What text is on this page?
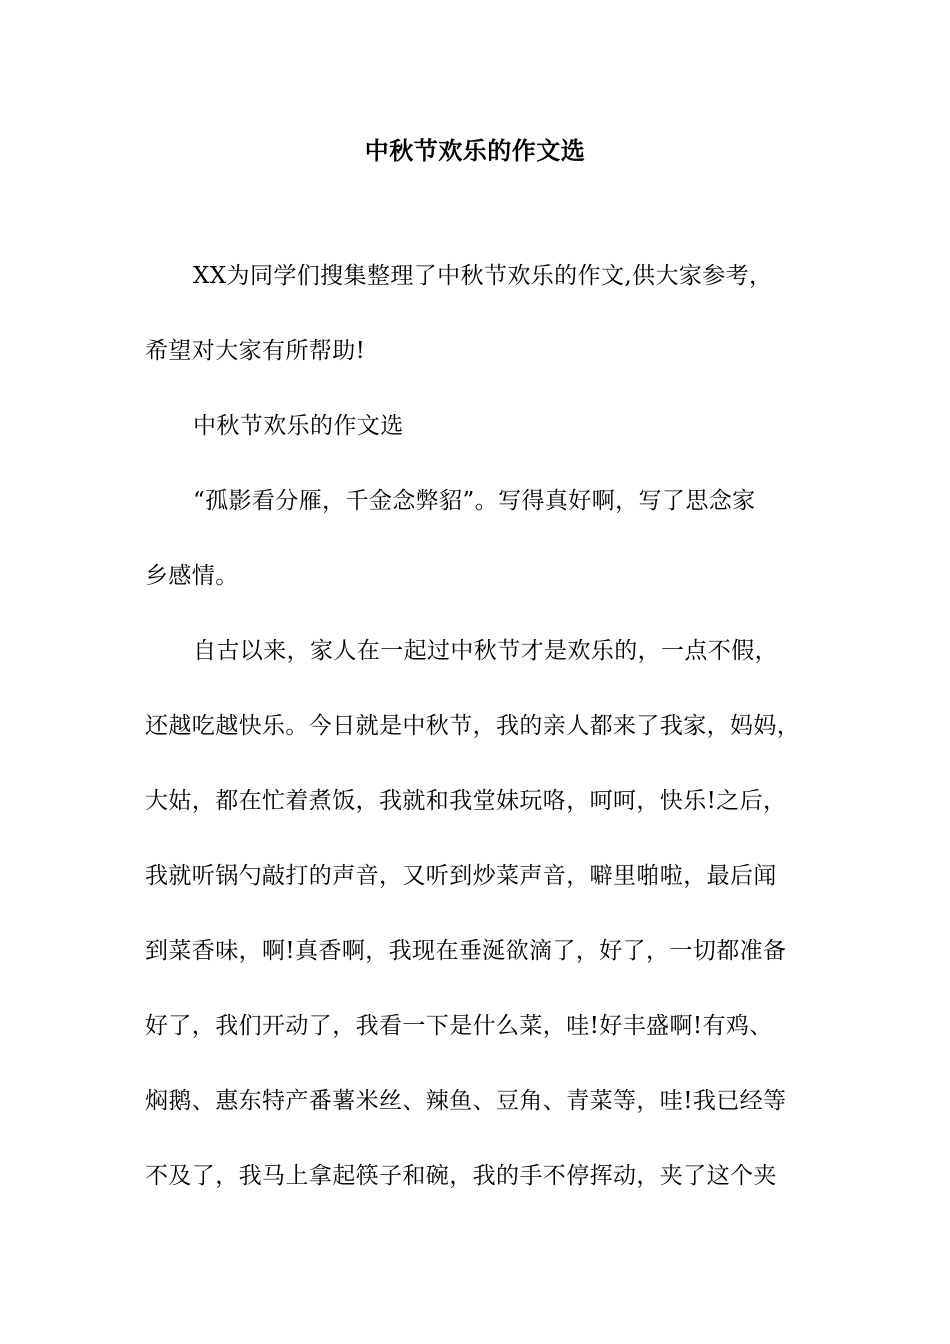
中秋节欢乐的作文选
XX为同学们搜集整理了中秋节欢乐的作文,供大家参考，
希望对大家有所帮助!
中秋节欢乐的作文选
“孤影看分雁，千金念弊貂”。写得真好啊，写了思念家
乡感情。
自古以来，家人在一起过中秋节才是欢乐的，一点不假，
还越吃越快乐。今日就是中秋节，我的亲人都来了我家，妈妈，
大姑，都在忙着煮饭，我就和我堂妹玩咯，呵呵，快乐!之后，
我就听锅勺敲打的声音，又听到炒菜声音，噼里啪啦，最后闻
到菜香味，啊!真香啊，我现在垂涎欲滴了，好了，一切都准备
好了，我们开动了，我看一下是什么菜，哇!好丰盛啊!有鸡、
焖鹅、惠东特产番薯米丝、辣鱼、豆角、青菜等，哇!我已经等
不及了，我马上拿起筷子和碗，我的手不停挥动，夹了这个夹
